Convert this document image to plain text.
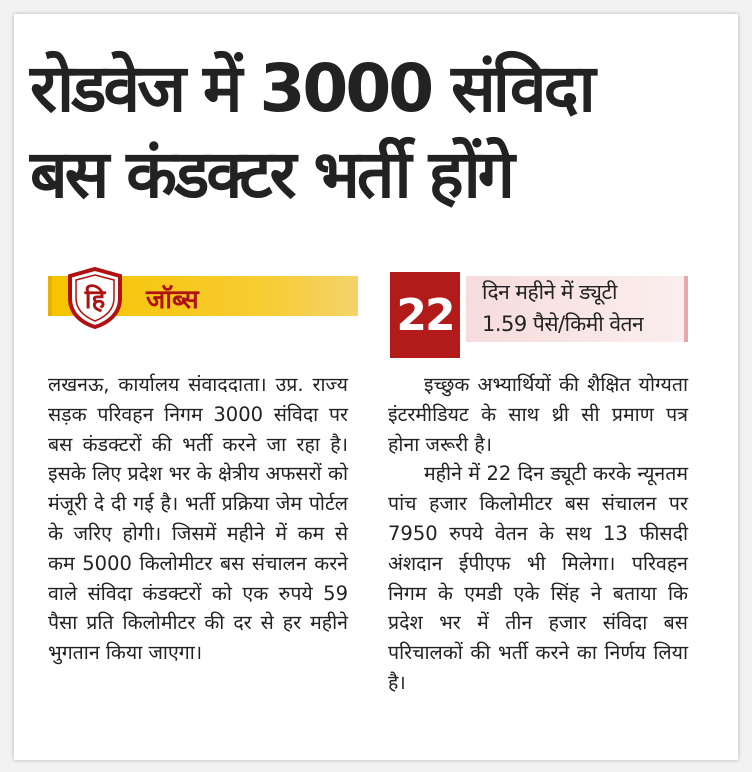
रोडवेज में 3000 संविदा
बस कंडक्टर भर्ती होंगे
हि जॉब्स	22	दिन महीने में ड्यूटी
1.59 पैसे/किमी वेतन

लखनऊ, कार्यालय संवाददाता। उप्र. राज्य सड़क परिवहन निगम 3000 संविदा पर बस कंडक्टरों की भर्ती करने जा रहा है। इसके लिए प्रदेश भर के क्षेत्रीय अफसरों को मंजूरी दे दी गई है। भर्ती प्रक्रिया जेम पोर्टल के जरिए होगी। जिसमें महीने में कम से कम 5000 किलोमीटर बस संचालन करने वाले संविदा कंडक्टरों को एक रुपये 59 पैसा प्रति किलोमीटर की दर से हर महीने भुगतान किया जाएगा।

इच्छुक अभ्यार्थियों की शैक्षित योग्यता इंटरमीडियट के साथ थ्री सी प्रमाण पत्र होना जरूरी है।

महीने में 22 दिन ड्यूटी करके न्यूनतम पांच हजार किलोमीटर बस संचालन पर 7950 रुपये वेतन के सथ 13 फीसदी अंशदान ईपीएफ भी मिलेगा। परिवहन निगम के एमडी एके सिंह ने बताया कि प्रदेश भर में तीन हजार संविदा बस परिचालकों की भर्ती करने का निर्णय लिया है।
